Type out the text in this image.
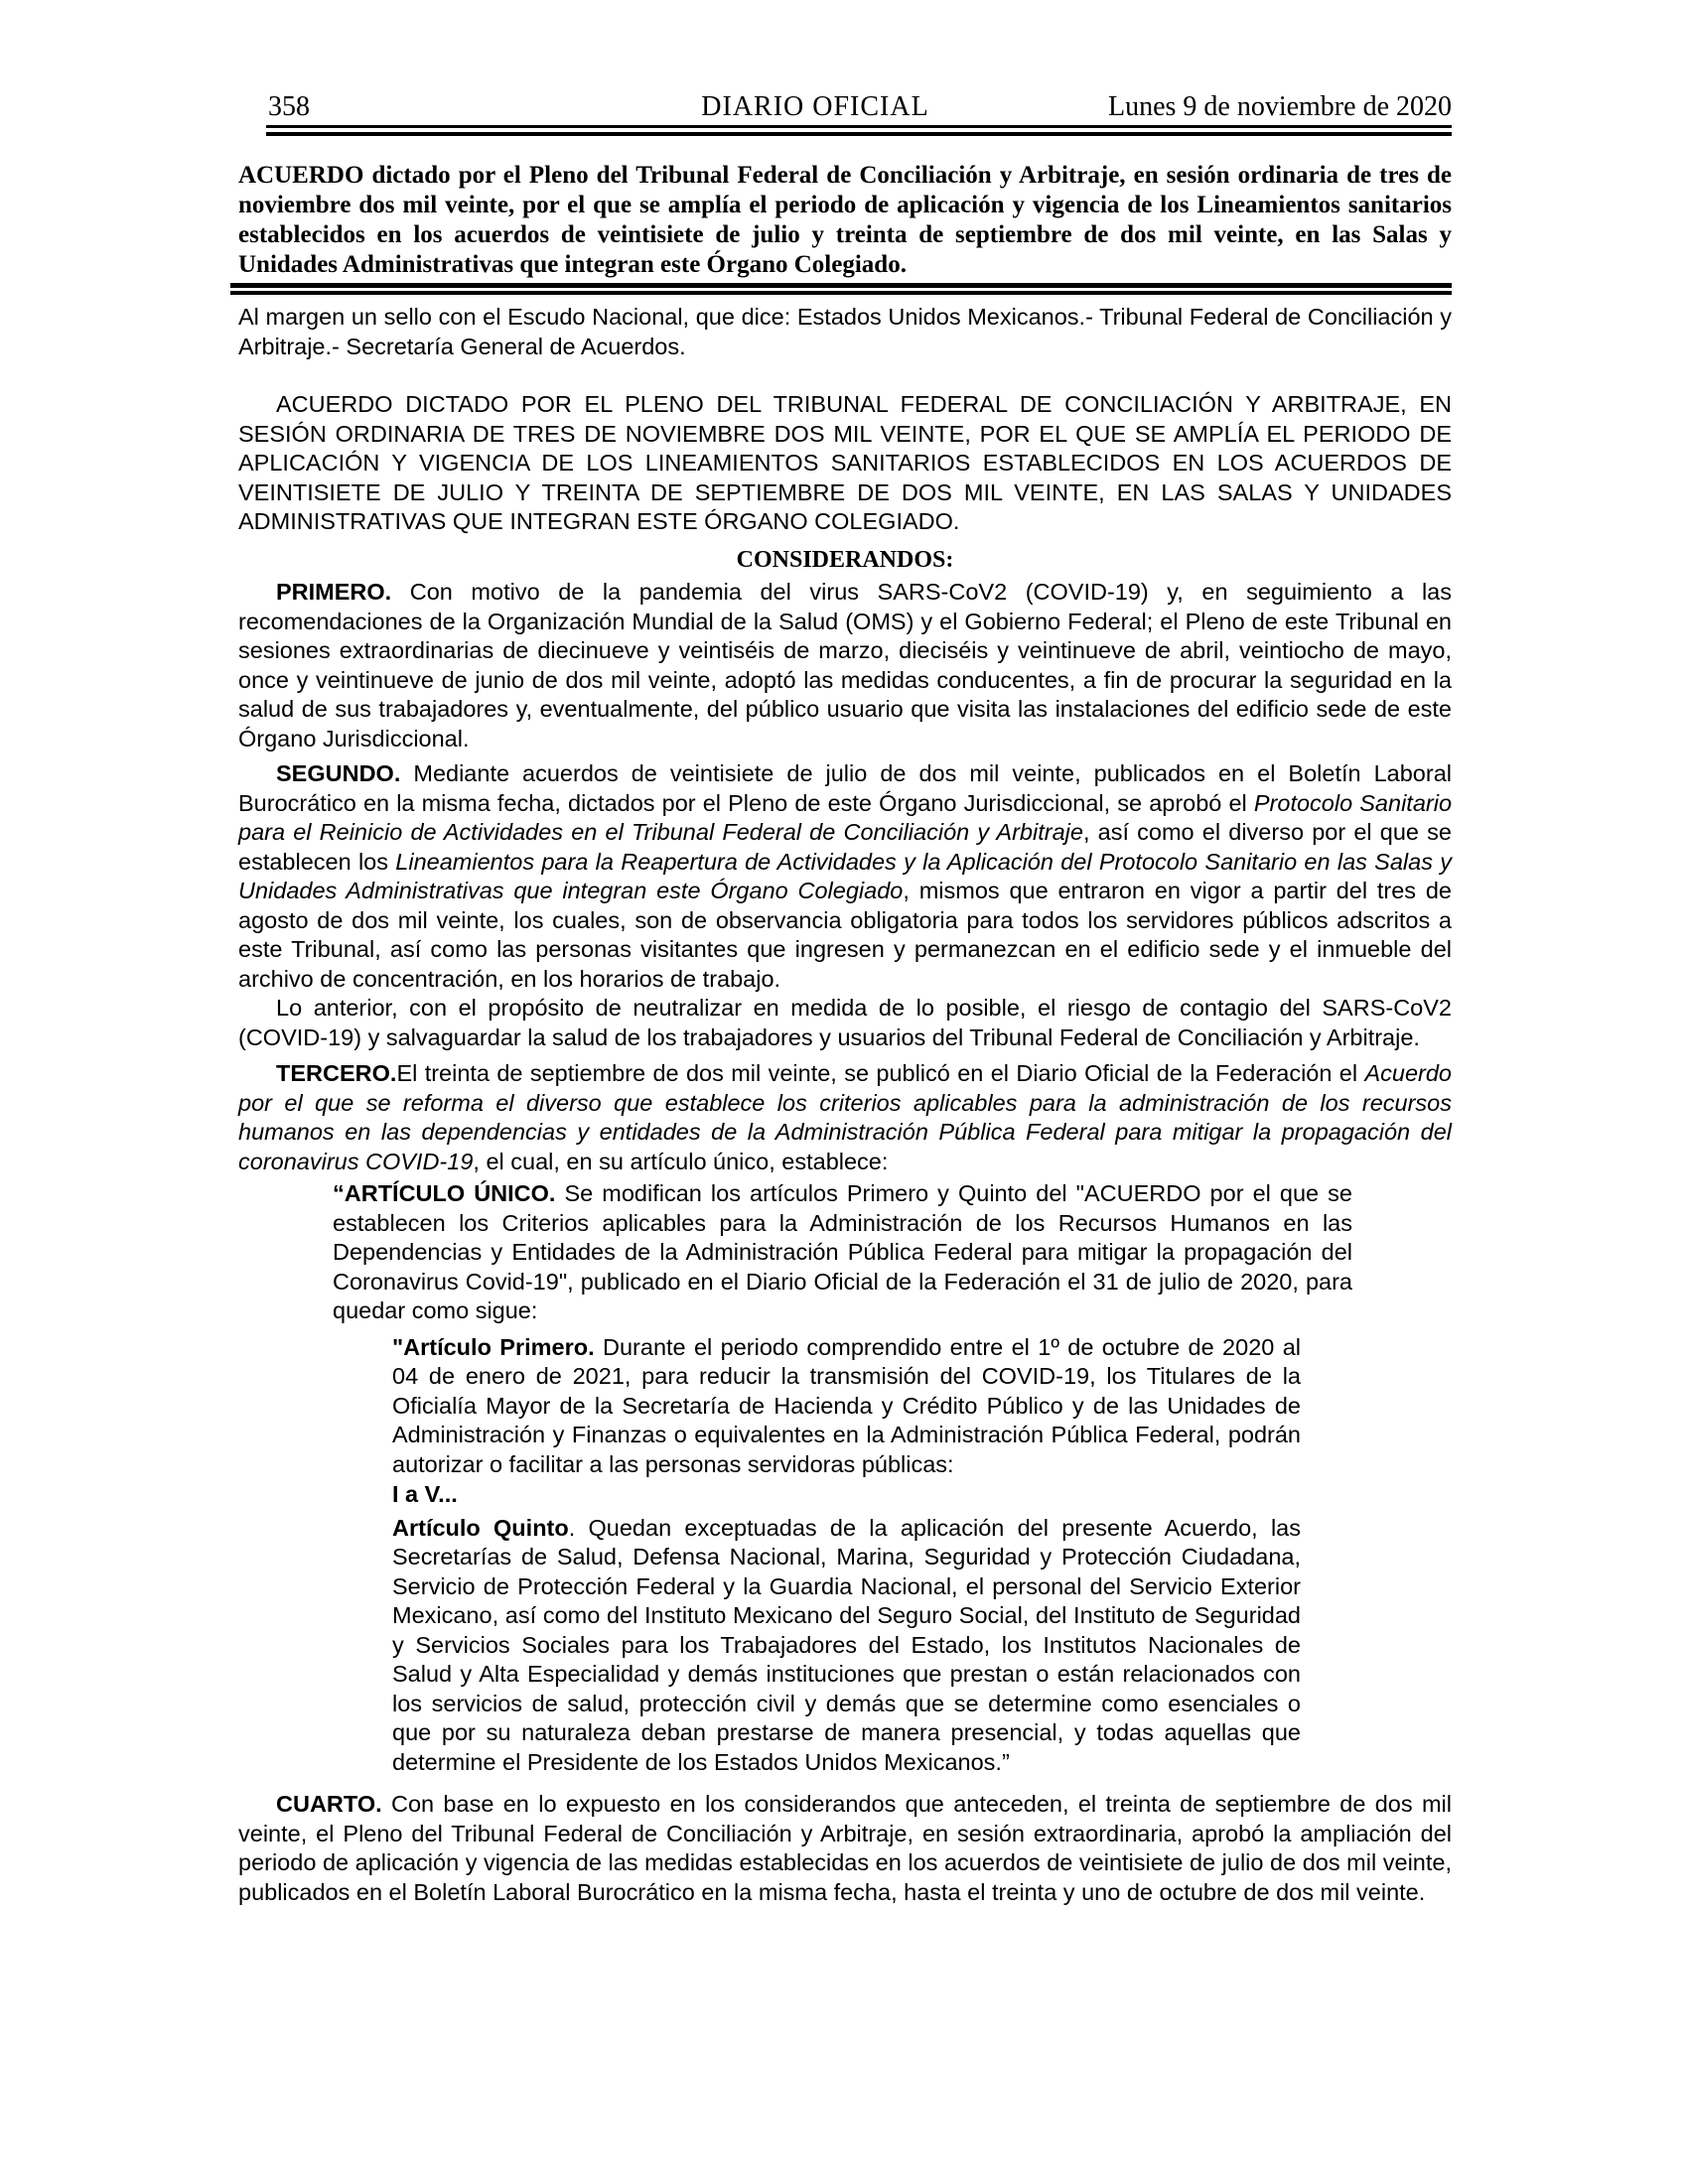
358	DIARIO OFICIAL	Lunes 9 de noviembre de 2020

ACUERDO dictado por el Pleno del Tribunal Federal de Conciliación y Arbitraje, en sesión ordinaria de tres de noviembre dos mil veinte, por el que se amplía el periodo de aplicación y vigencia de los Lineamientos sanitarios establecidos en los acuerdos de veintisiete de julio y treinta de septiembre de dos mil veinte, en las Salas y Unidades Administrativas que integran este Órgano Colegiado.

Al margen un sello con el Escudo Nacional, que dice: Estados Unidos Mexicanos.- Tribunal Federal de Conciliación y Arbitraje.- Secretaría General de Acuerdos.

ACUERDO DICTADO POR EL PLENO DEL TRIBUNAL FEDERAL DE CONCILIACIÓN Y ARBITRAJE, EN SESIÓN ORDINARIA DE TRES DE NOVIEMBRE DOS MIL VEINTE, POR EL QUE SE AMPLÍA EL PERIODO DE APLICACIÓN Y VIGENCIA DE LOS LINEAMIENTOS SANITARIOS ESTABLECIDOS EN LOS ACUERDOS DE VEINTISIETE DE JULIO Y TREINTA DE SEPTIEMBRE DE DOS MIL VEINTE, EN LAS SALAS Y UNIDADES ADMINISTRATIVAS QUE INTEGRAN ESTE ÓRGANO COLEGIADO.

CONSIDERANDOS:

PRIMERO. Con motivo de la pandemia del virus SARS-CoV2 (COVID-19) y, en seguimiento a las recomendaciones de la Organización Mundial de la Salud (OMS) y el Gobierno Federal; el Pleno de este Tribunal en sesiones extraordinarias de diecinueve y veintiséis de marzo, dieciséis y veintinueve de abril, veintiocho de mayo, once y veintinueve de junio de dos mil veinte, adoptó las medidas conducentes, a fin de procurar la seguridad en la salud de sus trabajadores y, eventualmente, del público usuario que visita las instalaciones del edificio sede de este Órgano Jurisdiccional.

SEGUNDO. Mediante acuerdos de veintisiete de julio de dos mil veinte, publicados en el Boletín Laboral Burocrático en la misma fecha, dictados por el Pleno de este Órgano Jurisdiccional, se aprobó el Protocolo Sanitario para el Reinicio de Actividades en el Tribunal Federal de Conciliación y Arbitraje, así como el diverso por el que se establecen los Lineamientos para la Reapertura de Actividades y la Aplicación del Protocolo Sanitario en las Salas y Unidades Administrativas que integran este Órgano Colegiado, mismos que entraron en vigor a partir del tres de agosto de dos mil veinte, los cuales, son de observancia obligatoria para todos los servidores públicos adscritos a este Tribunal, así como las personas visitantes que ingresen y permanezcan en el edificio sede y el inmueble del archivo de concentración, en los horarios de trabajo.

Lo anterior, con el propósito de neutralizar en medida de lo posible, el riesgo de contagio del SARS-CoV2 (COVID-19) y salvaguardar la salud de los trabajadores y usuarios del Tribunal Federal de Conciliación y Arbitraje.

TERCERO.El treinta de septiembre de dos mil veinte, se publicó en el Diario Oficial de la Federación el Acuerdo por el que se reforma el diverso que establece los criterios aplicables para la administración de los recursos humanos en las dependencias y entidades de la Administración Pública Federal para mitigar la propagación del coronavirus COVID-19, el cual, en su artículo único, establece:

“ARTÍCULO ÚNICO. Se modifican los artículos Primero y Quinto del "ACUERDO por el que se establecen los Criterios aplicables para la Administración de los Recursos Humanos en las Dependencias y Entidades de la Administración Pública Federal para mitigar la propagación del Coronavirus Covid-19", publicado en el Diario Oficial de la Federación el 31 de julio de 2020, para quedar como sigue:

"Artículo Primero. Durante el periodo comprendido entre el 1º de octubre de 2020 al 04 de enero de 2021, para reducir la transmisión del COVID-19, los Titulares de la Oficialía Mayor de la Secretaría de Hacienda y Crédito Público y de las Unidades de Administración y Finanzas o equivalentes en la Administración Pública Federal, podrán autorizar o facilitar a las personas servidoras públicas:

I a V...

Artículo Quinto. Quedan exceptuadas de la aplicación del presente Acuerdo, las Secretarías de Salud, Defensa Nacional, Marina, Seguridad y Protección Ciudadana, Servicio de Protección Federal y la Guardia Nacional, el personal del Servicio Exterior Mexicano, así como del Instituto Mexicano del Seguro Social, del Instituto de Seguridad y Servicios Sociales para los Trabajadores del Estado, los Institutos Nacionales de Salud y Alta Especialidad y demás instituciones que prestan o están relacionados con los servicios de salud, protección civil y demás que se determine como esenciales o que por su naturaleza deban prestarse de manera presencial, y todas aquellas que determine el Presidente de los Estados Unidos Mexicanos.”

CUARTO. Con base en lo expuesto en los considerandos que anteceden, el treinta de septiembre de dos mil veinte, el Pleno del Tribunal Federal de Conciliación y Arbitraje, en sesión extraordinaria, aprobó la ampliación del periodo de aplicación y vigencia de las medidas establecidas en los acuerdos de veintisiete de julio de dos mil veinte, publicados en el Boletín Laboral Burocrático en la misma fecha, hasta el treinta y uno de octubre de dos mil veinte.
